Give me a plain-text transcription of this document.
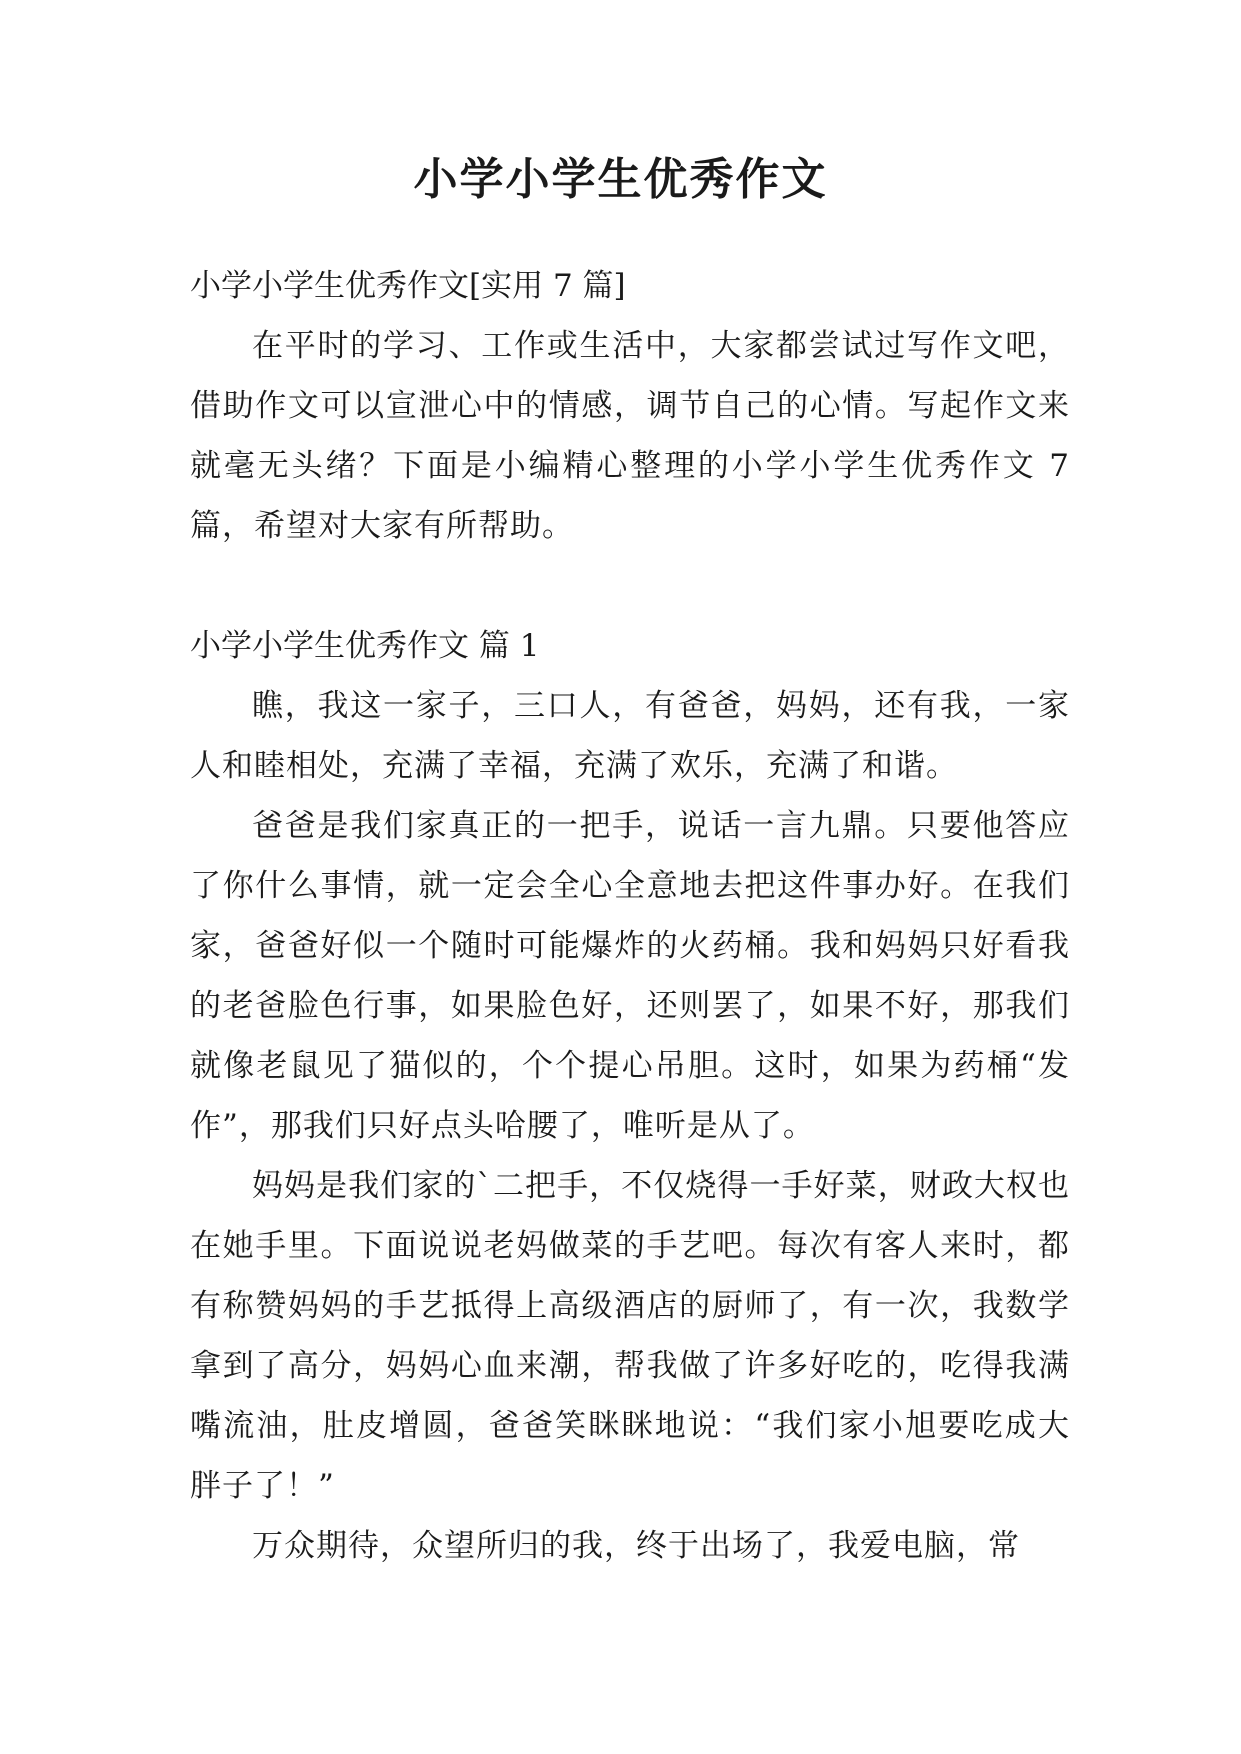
小学小学生优秀作文

小学小学生优秀作文[实用 7 篇]

在平时的学习、工作或生活中，大家都尝试过写作文吧，借助作文可以宣泄心中的情感，调节自己的心情。写起作文来就毫无头绪？下面是小编精心整理的小学小学生优秀作文 7 篇，希望对大家有所帮助。

小学小学生优秀作文 篇 1

瞧，我这一家子，三口人，有爸爸，妈妈，还有我，一家人和睦相处，充满了幸福，充满了欢乐，充满了和谐。

爸爸是我们家真正的一把手，说话一言九鼎。只要他答应了你什么事情，就一定会全心全意地去把这件事办好。在我们家，爸爸好似一个随时可能爆炸的火药桶。我和妈妈只好看我的老爸脸色行事，如果脸色好，还则罢了，如果不好，那我们就像老鼠见了猫似的，个个提心吊胆。这时，如果为药桶“发作”，那我们只好点头哈腰了，唯听是从了。

妈妈是我们家的`二把手，不仅烧得一手好菜，财政大权也在她手里。下面说说老妈做菜的手艺吧。每次有客人来时，都有称赞妈妈的手艺抵得上高级酒店的厨师了，有一次，我数学拿到了高分，妈妈心血来潮，帮我做了许多好吃的，吃得我满嘴流油，肚皮增圆，爸爸笑眯眯地说：“我们家小旭要吃成大胖子了！”

万众期待，众望所归的我，终于出场了，我爱电脑，常
